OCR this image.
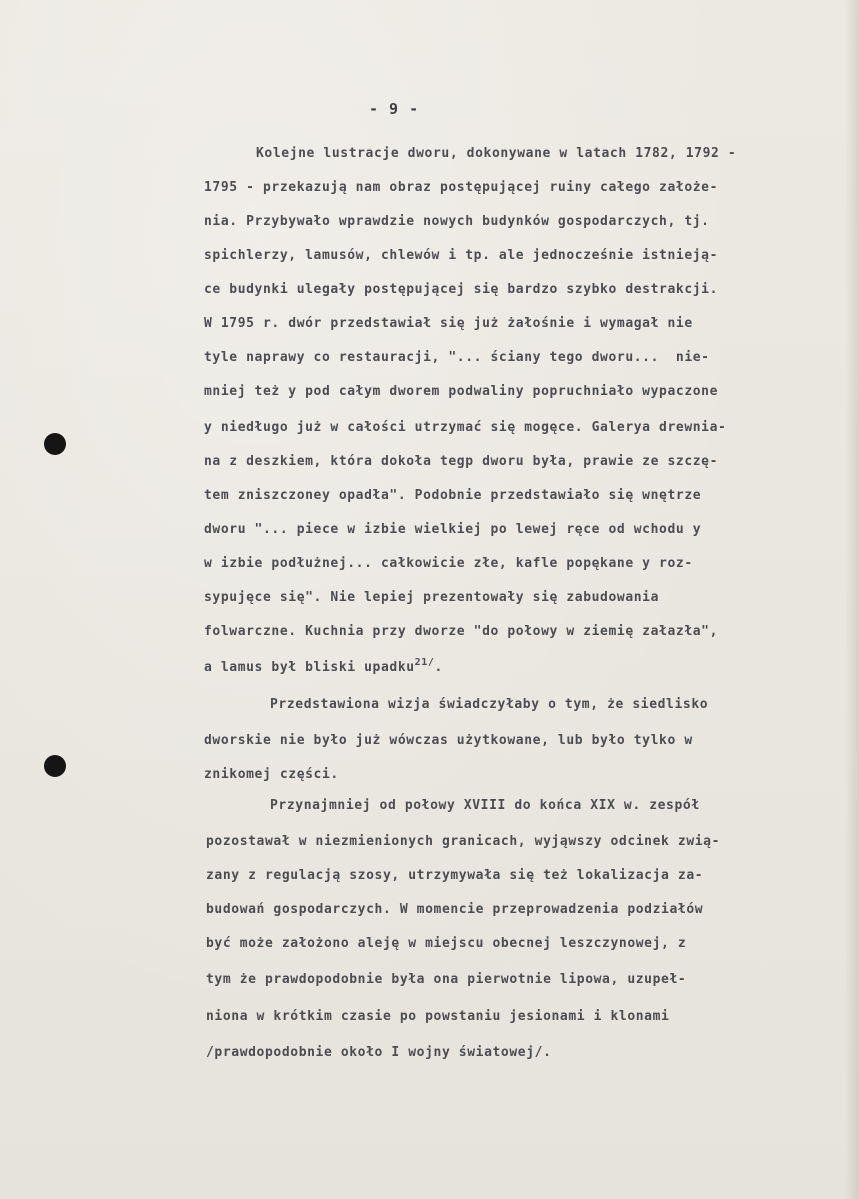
- 9 -
Kolejne lustracje dworu, dokonywane w latach 1782, 1792 -
1795 - przekazują nam obraz postępującej ruiny całego założe-
nia. Przybywało wprawdzie nowych budynków gospodarczych, tj.
spichlerzy, lamusów, chlewów i tp. ale jednocześnie istnieją-
ce budynki ulegały postępującej się bardzo szybko destrakcji.
W 1795 r. dwór przedstawiał się już żałośnie i wymagał nie
tyle naprawy co restauracji, "... ściany tego dworu...  nie-
mniej też y pod całym dworem podwaliny popruchniało wypaczone
y niedługo już w całości utrzymać się mogęce. Galerya drewnia-
na z deszkiem, która dokoła tegp dworu była, prawie ze szczę-
tem zniszczoney opadła". Podobnie przedstawiało się wnętrze
dworu "... piece w izbie wielkiej po lewej ręce od wchodu y
w izbie podłużnej... całkowicie złe, kafle popękane y roz-
sypujęce się". Nie lepiej prezentowały się zabudowania
folwarczne. Kuchnia przy dworze "do połowy w ziemię załazła",
a lamus był bliski upadku$^{21/}$.
Przedstawiona wizja świadczyłaby o tym, że siedlisko
dworskie nie było już wówczas użytkowane, lub było tylko w
znikomej części.
Przynajmniej od połowy XVIII do końca XIX w. zespół
pozostawał w niezmienionych granicach, wyjąwszy odcinek zwią-
zany z regulacją szosy, utrzymywała się też lokalizacja za-
budowań gospodarczych. W momencie przeprowadzenia podziałów
być może założono aleję w miejscu obecnej leszczynowej, z
tym że prawdopodobnie była ona pierwotnie lipowa, uzupeł-
niona w krótkim czasie po powstaniu jesionami i klonami
/prawdopodobnie około I wojny światowej/.
